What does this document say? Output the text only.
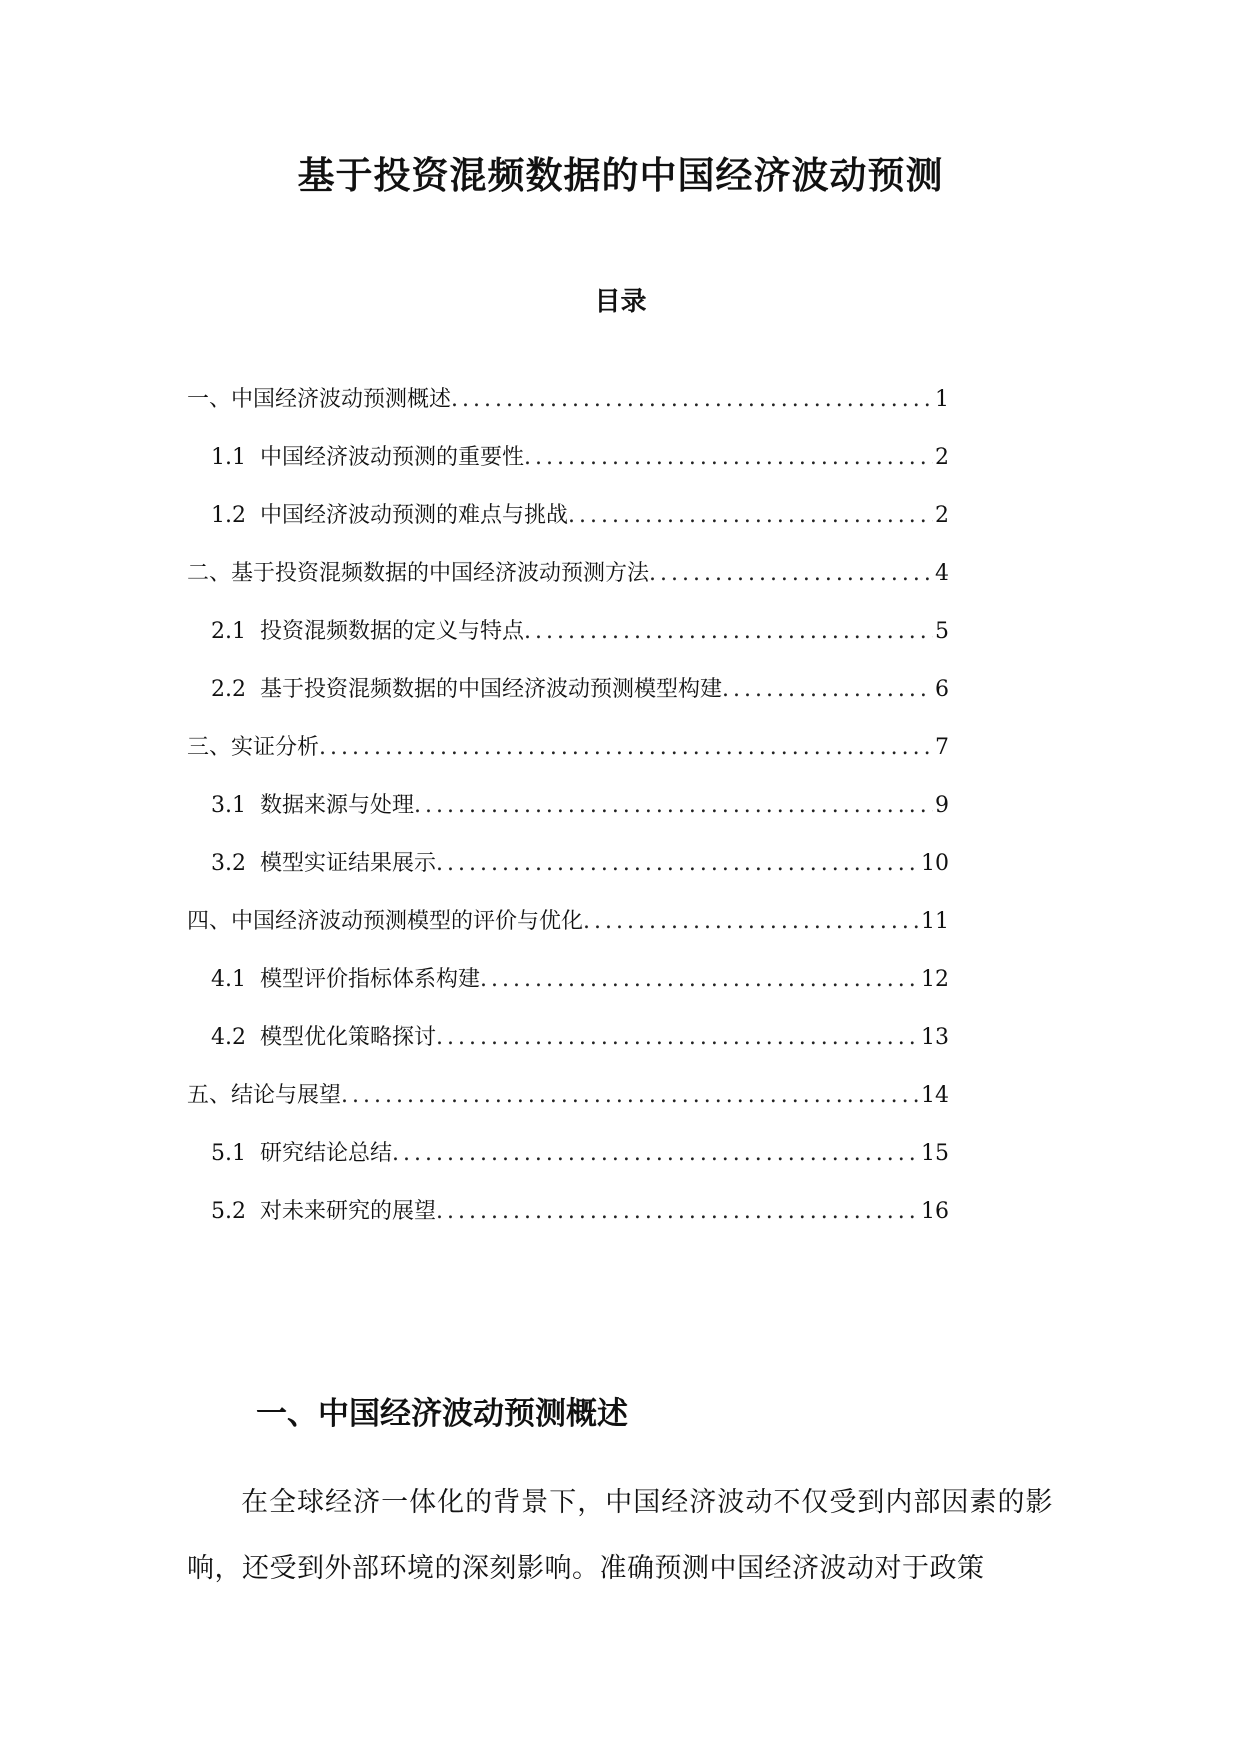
基于投资混频数据的中国经济波动预测
目录
一、中国经济波动预测概述 .....	1
1.1 中国经济波动预测的重要性 .....	2
1.2 中国经济波动预测的难点与挑战 .....	2
二、基于投资混频数据的中国经济波动预测方法 .....	4
2.1 投资混频数据的定义与特点 .....	5
2.2 基于投资混频数据的中国经济波动预测模型构建 .....	6
三、实证分析 .....	7
3.1 数据来源与处理 .....	9
3.2 模型实证结果展示 .....	10
四、中国经济波动预测模型的评价与优化 .....	11
4.1 模型评价指标体系构建 .....	12
4.2 模型优化策略探讨 .....	13
五、结论与展望 .....	14
5.1 研究结论总结 .....	15
5.2 对未来研究的展望 .....	16
一、中国经济波动预测概述

在全球经济一体化的背景下，中国经济波动不仅受到内部因素的影响，还受到外部环境的深刻影响。准确预测中国经济波动对于政策
